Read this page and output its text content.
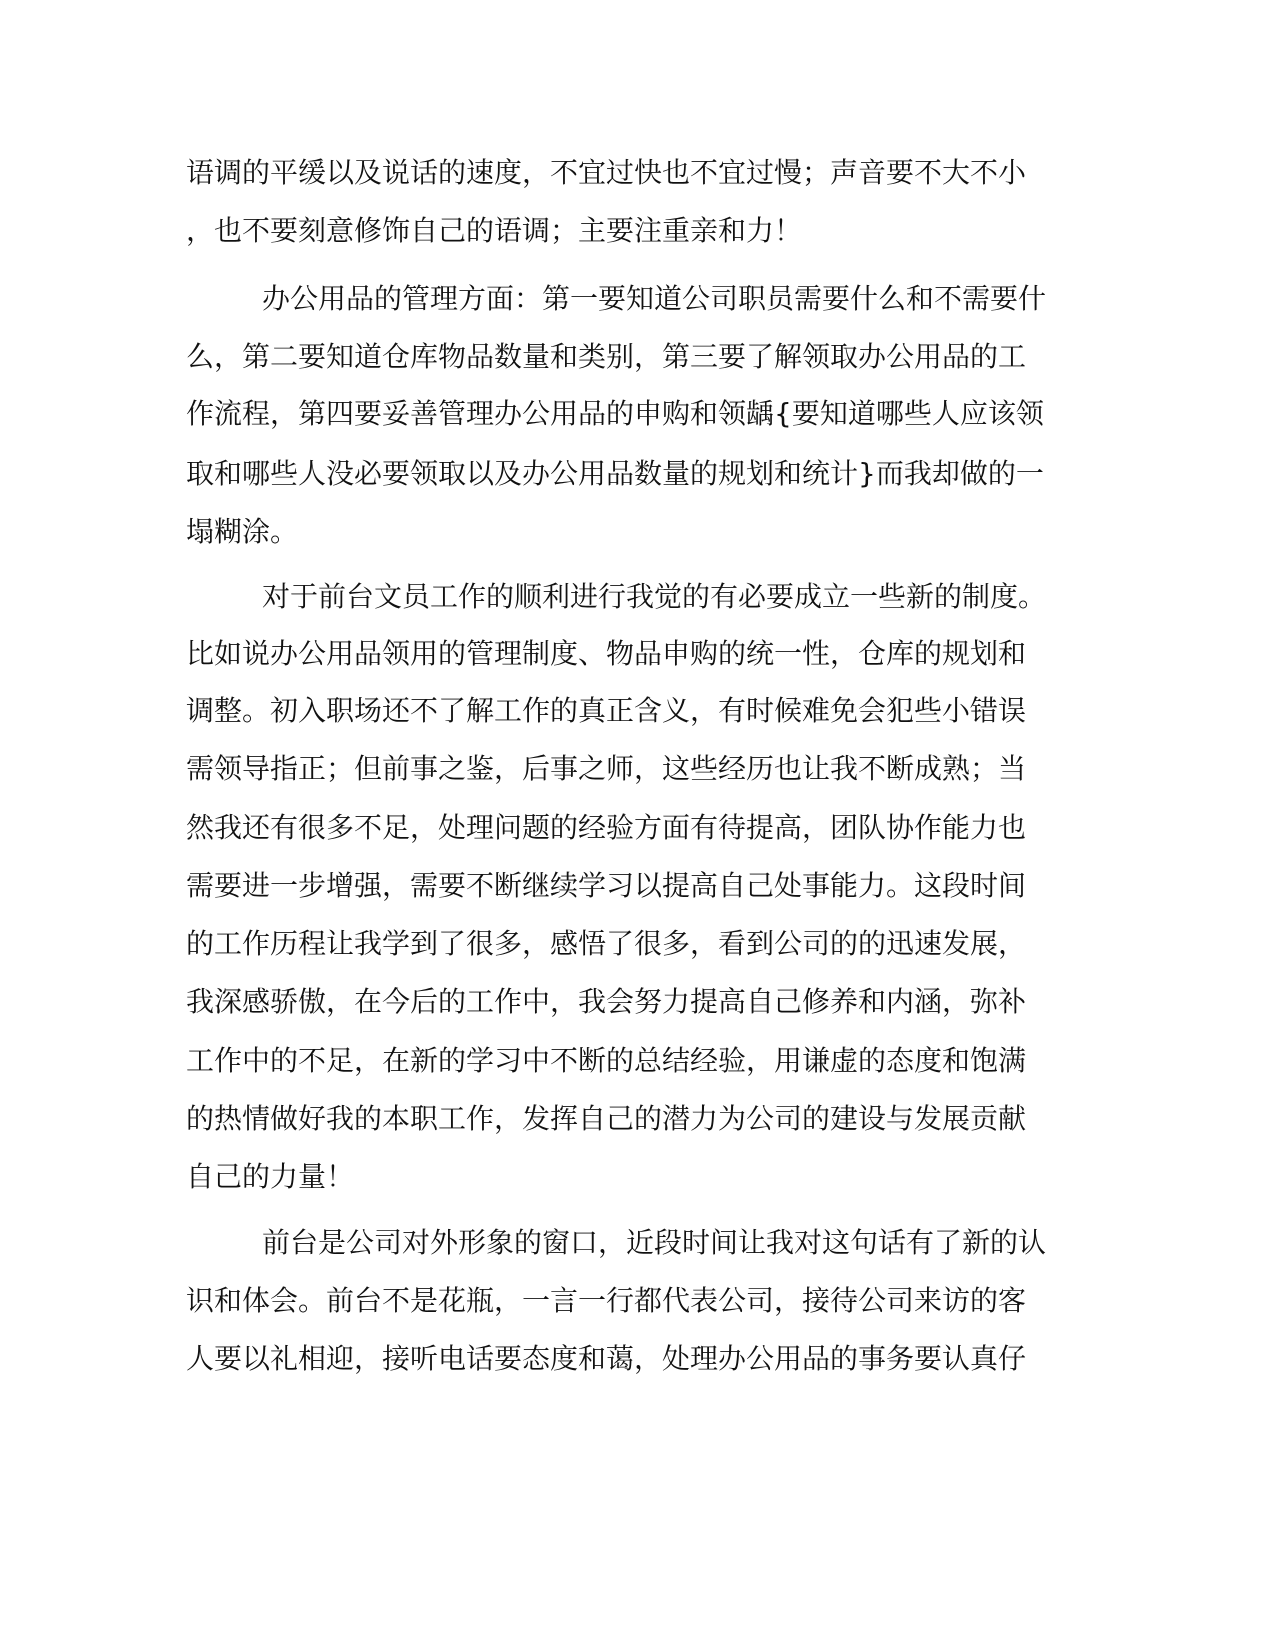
语调的平缓以及说话的速度，不宜过快也不宜过慢；声音要不大不小
，也不要刻意修饰自己的语调；主要注重亲和力！
办公用品的管理方面：第一要知道公司职员需要什么和不需要什
么，第二要知道仓库物品数量和类别，第三要了解领取办公用品的工
作流程，第四要妥善管理办公用品的申购和领龋{要知道哪些人应该领
取和哪些人没必要领取以及办公用品数量的规划和统计}而我却做的一
塌糊涂。
对于前台文员工作的顺利进行我觉的有必要成立一些新的制度。
比如说办公用品领用的管理制度、物品申购的统一性，仓库的规划和
调整。初入职场还不了解工作的真正含义，有时候难免会犯些小错误
需领导指正；但前事之鉴，后事之师，这些经历也让我不断成熟；当
然我还有很多不足，处理问题的经验方面有待提高，团队协作能力也
需要进一步增强，需要不断继续学习以提高自己处事能力。这段时间
的工作历程让我学到了很多，感悟了很多，看到公司的的迅速发展，
我深感骄傲，在今后的工作中，我会努力提高自己修养和内涵，弥补
工作中的不足，在新的学习中不断的总结经验，用谦虚的态度和饱满
的热情做好我的本职工作，发挥自己的潜力为公司的建设与发展贡献
自己的力量！
前台是公司对外形象的窗口，近段时间让我对这句话有了新的认
识和体会。前台不是花瓶，一言一行都代表公司，接待公司来访的客
人要以礼相迎，接听电话要态度和蔼，处理办公用品的事务要认真仔
